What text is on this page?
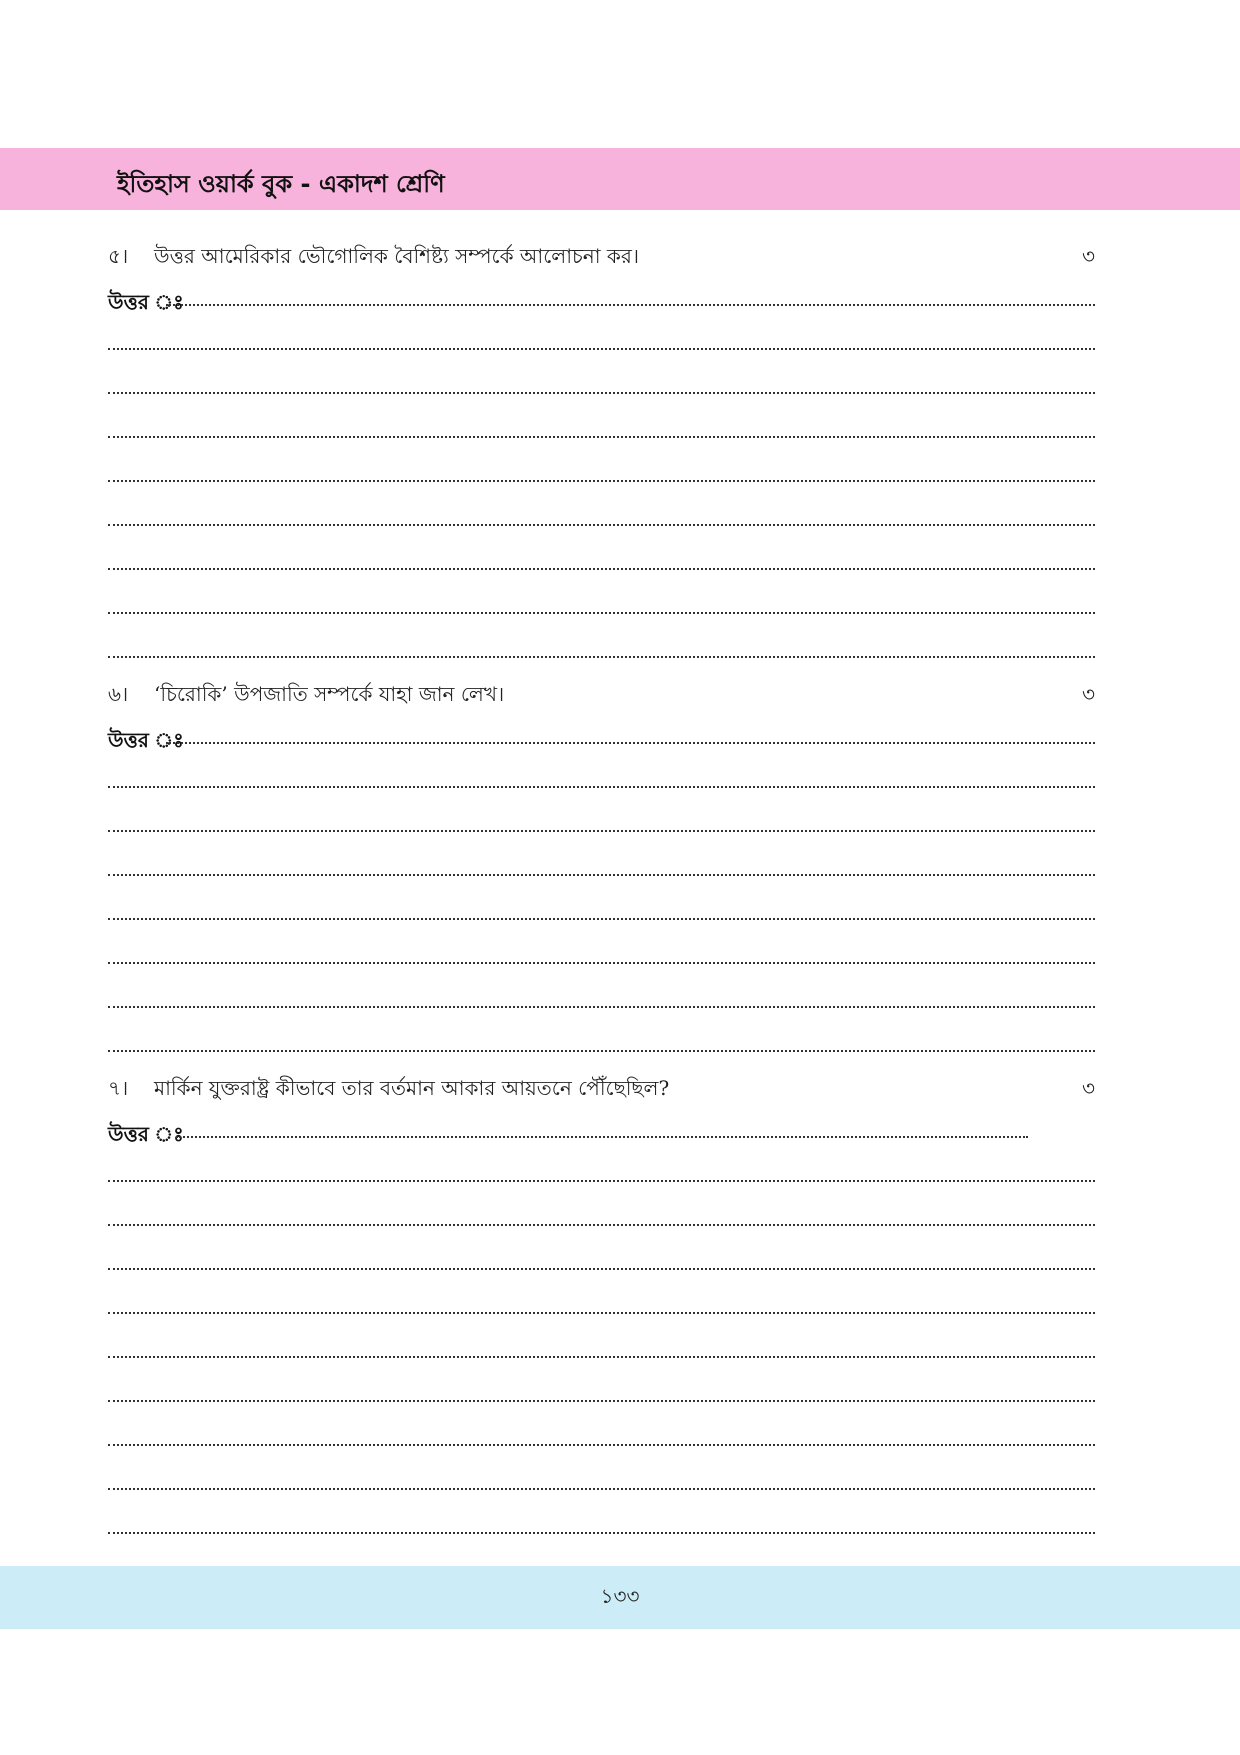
ইতিহাস ওয়ার্ক বুক - একাদশ শ্রেণি
৫। উত্তর আমেরিকার ভৌগোলিক বৈশিষ্ট্য সম্পর্কে আলোচনা কর।	৩
উত্তর ঃ
৬। ‘চিরোকি’ উপজাতি সম্পর্কে যাহা জান লেখ।	৩
উত্তর ঃ
৭। মার্কিন যুক্তরাষ্ট্র কীভাবে তার বর্তমান আকার আয়তনে পৌঁছেছিল?	৩
উত্তর ঃ
১৩৩
